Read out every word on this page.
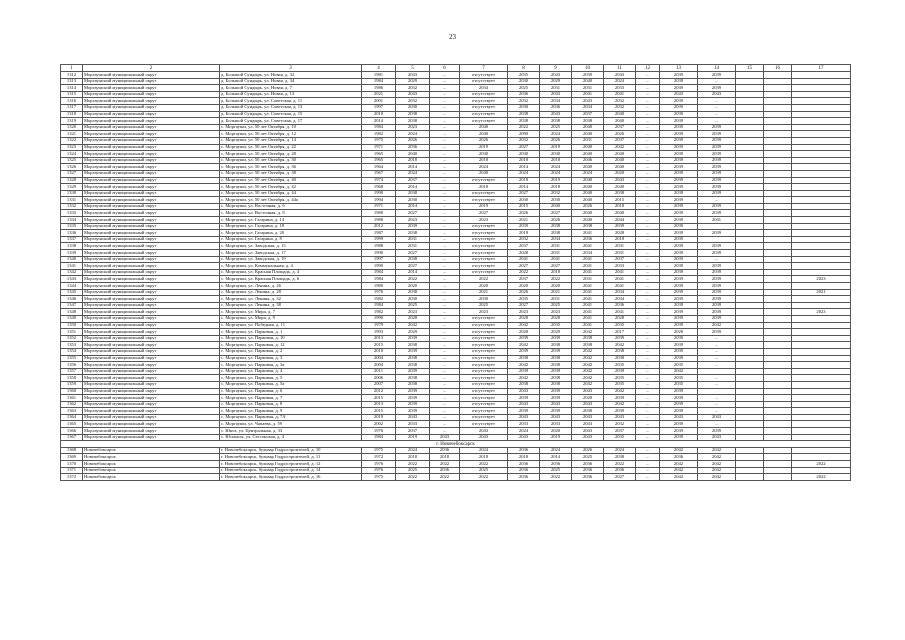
23
1	2	3	4	5	6	7	8	9	10	11	12	13	14	15	16	17
1312	Моргаушский муниципальный округ	д. Большой Сундырь, ул. Новая, д. 32	1981	2043	–	отсутствует	2035	2043	2039	2043	–	2039	2039			
1313	Моргаушский муниципальный округ	д. Большой Сундырь, ул. Новая, д. 34	1984	2029	–	отсутствует	2030	2029	2040	2024	–	2039	–			
1314	Моргаушский муниципальный округ	д. Большой Сундырь, ул. Новая, д. 7	1986	2032	–	2034	2025	2031	2031	2033	–	2039	2039			
1315	Моргаушский муниципальный округ	д. Большой Сундырь, ул. Новая, д. 13	2021	2043	–	отсутствует	2036	2043	2041	2041	–	2043	2043			
1316	Моргаушский муниципальный округ	д. Большой Сундырь, ул. Советская, д. 11	2001	2032	–	отсутствует	2032	2034	2043	2032	–	2039	–			
1317	Моргаушский муниципальный округ	д. Большой Сундырь, ул. Советская, д. 13	1997	2030	–	отсутствует	2030	2036	2034	2032	–	2039	–			
1318	Моргаушский муниципальный округ	д. Большой Сундырь, ул. Советская, д. 15	2010	2038	–	отсутствует	2038	2043	2037	2040	–	2039	–			
1319	Моргаушский муниципальный округ	д. Большой Сундырь, ул. Советская, д. 17	2014	2038	–	отсутствует	2038	2038	2038	2040	–	2039	–			
1320	Моргаушский муниципальный округ	с. Моргауши, ул. 50 лет Октября, д. 10	1984	2023	–	2040	2022	2025	2040	2037	–	2039	2039			
1321	Моргаушский муниципальный округ	с. Моргауши, ул. 50 лет Октября, д. 12	1982	2024	–	2040	2090	2024	2040	2026	–	2039	2039			
1322	Моргаушский муниципальный округ	с. Моргауши, ул. 50 лет Октября, д. 14	1975	2026	–	2026	2032	2026	2031	2037	–	2039	2039			
1323	Моргаушский муниципальный округ	с. Моргауши, ул. 50 лет Октября, д. 22	1971	2036	–	2019	2027	2019	2040	2042	–	2039	2039			
1324	Моргаушский муниципальный округ	с. Моргауши, ул. 50 лет Октября, д. 28	1965	2040	–	2030	2030	2030	2040	2040	–	2039	2039			
1325	Моргаушский муниципальный округ	с. Моргауши, ул. 50 лет Октября, д. 30	1965	2018	–	2018	2018	2018	2046	2040	–	2039	2039			
1326	Моргаушский муниципальный округ	с. Моргауши, ул. 50 лет Октября, д. 36	1964	2014	–	2024	2014	2024	2040	2040	–	2039	2039			
1327	Моргаушский муниципальный округ	с. Моргауши, ул. 50 лет Октября, д. 38	1967	2024	–	2040	2024	2024	2024	2020	–	2039	2039			
1328	Моргаушский муниципальный округ	с. Моргауши, ул. 50 лет Октября, д. 40	1974	2037	–	отсутствует	2018	2019	2040	2043	–	2039	2039			
1329	Моргаушский муниципальный округ	с. Моргауши, ул. 50 лет Октября, д. 42	1968	2014	–	2018	2014	2018	2040	2040	–	2039	2039			
1330	Моргаушский муниципальный округ	с. Моргауши, ул. 50 лет Октября, д. 44	1990	2038	–	отсутствует	2027	2032	2040	2038	–	2039	2039			
1331	Моргаушский муниципальный округ	с. Моргауши, ул. 50 лет Октября, д. 44а	1994	2030	–	отсутствует	2030	2030	2040	2015	–	2039	–			
1332	Моргаушский муниципальный округ	с. Моргауши, ул. Восточная, д. 6	1971	2014	–	2019	2015	2040	2026	2018	–	2039	2039			
1333	Моргаушский муниципальный округ	с. Моргауши, ул. Восточная, д. 8	1980	2027	–	2027	2026	2027	2040	2040	–	2039	2039			
1334	Моргаушский муниципальный округ	с. Моргауши, ул. Гагарина, д. 14	1980	2023	–	2023	2021	2026	2040	2044	–	2039	2041			
1335	Моргаушский муниципальный округ	с. Моргауши, ул. Гагарина, д. 18	2012	2039	–	отсутствует	2039	2038	2038	2039	–	2039				
1336	Моргаушский муниципальный округ	с. Моргауши, ул. Гагарина, д. 20	1987	2038	–	отсутствует	2018	2038	2041	2028	–	2039	2039			
1337	Моргаушский муниципальный округ	с. Моргауши, ул. Гагарина, д. 8	1999	2031	–	отсутствует	2032	2034	2036	2018	–	2039				
1338	Моргаушский муниципальный округ	с. Моргауши, ул. Заводская, д. 15	1988	2031	–	отсутствует	2037	2031	2041	2031	–	2039	2039			
1339	Моргаушский муниципальный округ	с. Моргауши, ул. Заводская, д. 17	1990	2027	–	отсутствует	2028	2031	2034	2031	–	2039	2039			
1340	Моргаушский муниципальный округ	с. Моргауши, ул. Заводская, д. 19	1997	2038	–	отсутствует	2041	2041	2041	2037	–	2039	–			
1341	Моргаушский муниципальный округ	с. Моргауши, ул. Коммунальная, д. 4	1990	2027	–	отсутствует	2027	2027	2041	2033	–	2039	2039			
1342	Моргаушский муниципальный округ	с. Моргауши, ул. Красная Площадь, д. 4	1984	2014	–	отсутствует	2022	2018	2041	2041	–	2039	2039			
1343	Моргаушский муниципальный округ	с. Моргауши, ул. Красная Площадь, д. 6	1984	2022	–	2022	2037	2022	2031	2041	–	2039	2039			2023
1344	Моргаушский муниципальный округ	с. Моргауши, ул. Ленина, д. 26	1980	2020	–	2020	2020	2020	2041	2041	–	2039	2039			
1345	Моргаушский муниципальный округ	с. Моргауши, ул. Ленина, д. 28	1976	2038	–	2021	2026	2021	2041	2034	–	2039	2039			2021
1346	Моргаушский муниципальный округ	с. Моргауши, ул. Ленина, д. 32	1982	2030	–	2030	2035	2031	2041	2034	–	2039	2039			
1347	Моргаушский муниципальный округ	с. Моргауши, ул. Ленина, д. 38	1984	2025	–	2025	2027	2025	2041	2036	–	2039	2039			
1348	Моргаушский муниципальный округ	с. Моргауши, ул. Мира, д. 7	1982	2023	–	2023	2023	2023	2041	2041	–	2039	2039			2023
1349	Моргаушский муниципальный округ	с. Моргауши, ул. Мира, д. 9	1990	2028	–	отсутствует	2028	2028	2041	2028	–	2039	2039			
1350	Моргаушский муниципальный округ	с. Моргауши, ул. Победная, д. 11	1979	2042	–	отсутствует	2042	2035	2041	2035	–	2039	2042			
1351	Моргаушский муниципальный округ	с. Моргауши, ул. Парковая, д. 1	1993	2029	–	отсутствует	2028	2029	2042	2017	–	2028	2039			
1352	Моргаушский муниципальный округ	с. Моргауши, ул. Парковая, д. 10	2013	2039	–	отсутствует	2039	2039	2038	2039	–	2039	–			
1353	Моргаушский муниципальный округ	с. Моргауши, ул. Парковая, д. 12	2015	2038	–	отсутствует	2042	2038	2038	2042	–	2039	–			
1354	Моргаушский муниципальный округ	с. Моргауши, ул. Парковая, д. 2	2010	2039	–	отсутствует	2039	2039	2042	2038	–	2039	–			
1355	Моргаушский муниципальный округ	с. Моргауши, ул. Парковая, д. 3	2004	2038	–	отсутствует	2038	2038	2042	2038	–	2039	–			
1356	Моргаушский муниципальный округ	с. Моргауши, ул. Парковая, д. 3а	2004	2038	–	отсутствует	2042	2038	2042	2035	–	2035	–			
1357	Моргаушский муниципальный округ	с. Моргауши, ул. Парковая, д. 4	2011	2039	–	отсутствует	2039	2039	2042	2039	–	2042				
1358	Моргаушский муниципальный округ	с. Моргауши, ул. Парковая, д. 5	2006	2038	–	отсутствует	2042	2038	2042	2035	–	2035	–			
1359	Моргаушский муниципальный округ	с. Моргауши, ул. Парковая, д. 5а	2007	2038	–	отсутствует	2038	2038	2042	2035	–	2035	–			
1360	Моргаушский муниципальный округ	с. Моргауши, ул. Парковая, д. 6	2012	2039	–	отсутствует	2043	2039	2043	2042	–	2039				
1361	Моргаушский муниципальный округ	с. Моргауши, ул. Парковая, д. 7	2015	2039	–	отсутствует	2039	2039	2028	2039	–	2039	–			
1362	Моргаушский муниципальный округ	с. Моргауши, ул. Парковая, д. 8	2013	2039	–	отсутствует	2043	2043	2043	2042	–	2039	–			
1363	Моргаушский муниципальный округ	с. Моргауши, ул. Парковая, д. 9	2015	2039	–	отсутствует	2039	2039	2038	2039	–	2039	–			
1364	Моргаушский муниципальный округ	с. Моргауши, ул. Парковая, д. 7А	2019	2043	–	отсутствует	2043	2043	2043	2043	–	2043	2043			
1365	Моргаушский муниципальный округ	с. Моргауши, ул. Чапаева, д. 59	2002	2033	–	отсутствует	2033	2033	2043	2032	–	2039	–			
1366	Моргаушский муниципальный округ	с. Юнга, ул. Центральная, д. 33	1976	2037	–	2043	2024	2020	2043	2037	–	2039	2039			
1367	Моргаушский муниципальный округ	с. Юськасы, ул. Стесонская, д. 4	1984	2019	2043	2043	2043	2019	2043	2035	–	2039	2043			
г. Новочебоксарск																
1368	Новочебоксарск	г. Новочебоксарск, бульвар Гидростроителей, д. 10	1975	2024	2036	2024	2036	2024	2026	2024	–	2042	2042			
1369	Новочебоксарск	г. Новочебоксарск, бульвар Гидростроителей, д. 11	1972	2018	2018	2018	2018	2014	2025	2038	–	2036	2042			
1370	Новочебоксарск	г. Новочебоксарск, бульвар Гидростроителей, д. 12	1976	2022	2022	2022	2036	2036	2036	2022	–	2042	2042			2022
1371	Новочебоксарск	г. Новочебоксарск, бульвар Гидростроителей, д. 14	1976	2025	2036	2025	2036	2025	2036	2036	–	2042	2042			
1372	Новочебоксарск	г. Новочебоксарск, бульвар Гидростроителей, д. 16	1975	2022	2022	2022	2036	2022	2036	2027	–	2042	2042			2022
